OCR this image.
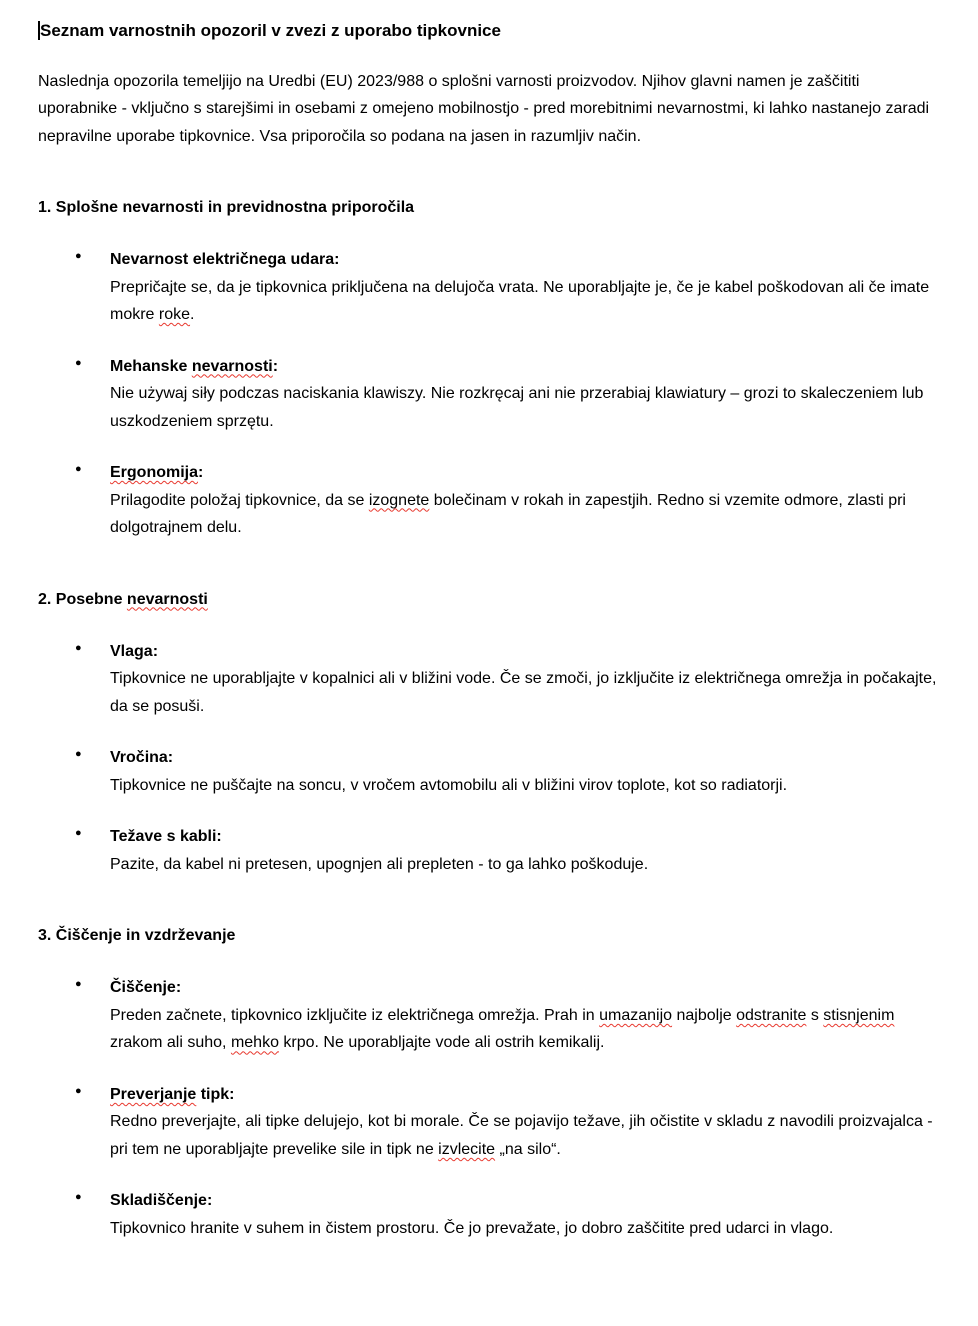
Seznam varnostnih opozoril v zvezi z uporabo tipkovnice

Naslednja opozorila temeljijo na Uredbi (EU) 2023/988 o splošni varnosti proizvodov. Njihov glavni namen je zaščititi uporabnike - vključno s starejšimi in osebami z omejeno mobilnostjo - pred morebitnimi nevarnostmi, ki lahko nastanejo zaradi nepravilne uporabe tipkovnice. Vsa priporočila so podana na jasen in razumljiv način.

1. Splošne nevarnosti in previdnostna priporočila

● Nevarnost električnega udara:

Prepričajte se, da je tipkovnica priključena na delujoča vrata. Ne uporabljajte je, če je kabel poškodovan ali če imate mokre roke.

● Mehanske nevarnosti:

Nie używaj siły podczas naciskania klawiszy. Nie rozkręcaj ani nie przerabiaj klawiatury – grozi to skaleczeniem lub uszkodzeniem sprzętu.

● Ergonomija:

Prilagodite položaj tipkovnice, da se izognete bolečinam v rokah in zapestjih. Redno si vzemite odmore, zlasti pri dolgotrajnem delu.

2. Posebne nevarnosti

● Vlaga:

Tipkovnice ne uporabljajte v kopalnici ali v bližini vode. Če se zmoči, jo izključite iz električnega omrežja in počakajte, da se posuši.

● Vročina:

Tipkovnice ne puščajte na soncu, v vročem avtomobilu ali v bližini virov toplote, kot so radiatorji.

● Težave s kabli:

Pazite, da kabel ni pretesen, upognjen ali prepleten - to ga lahko poškoduje.

3. Čiščenje in vzdrževanje

● Čiščenje:

Preden začnete, tipkovnico izključite iz električnega omrežja. Prah in umazanijo najbolje odstranite s stisnjenim zrakom ali suho, mehko krpo. Ne uporabljajte vode ali ostrih kemikalij.

● Preverjanje tipk:

Redno preverjajte, ali tipke delujejo, kot bi morale. Če se pojavijo težave, jih očistite v skladu z navodili proizvajalca - pri tem ne uporabljajte prevelike sile in tipk ne izvlecite „na silo“.

● Skladiščenje:

Tipkovnico hranite v suhem in čistem prostoru. Če jo prevažate, jo dobro zaščitite pred udarci in vlago.
